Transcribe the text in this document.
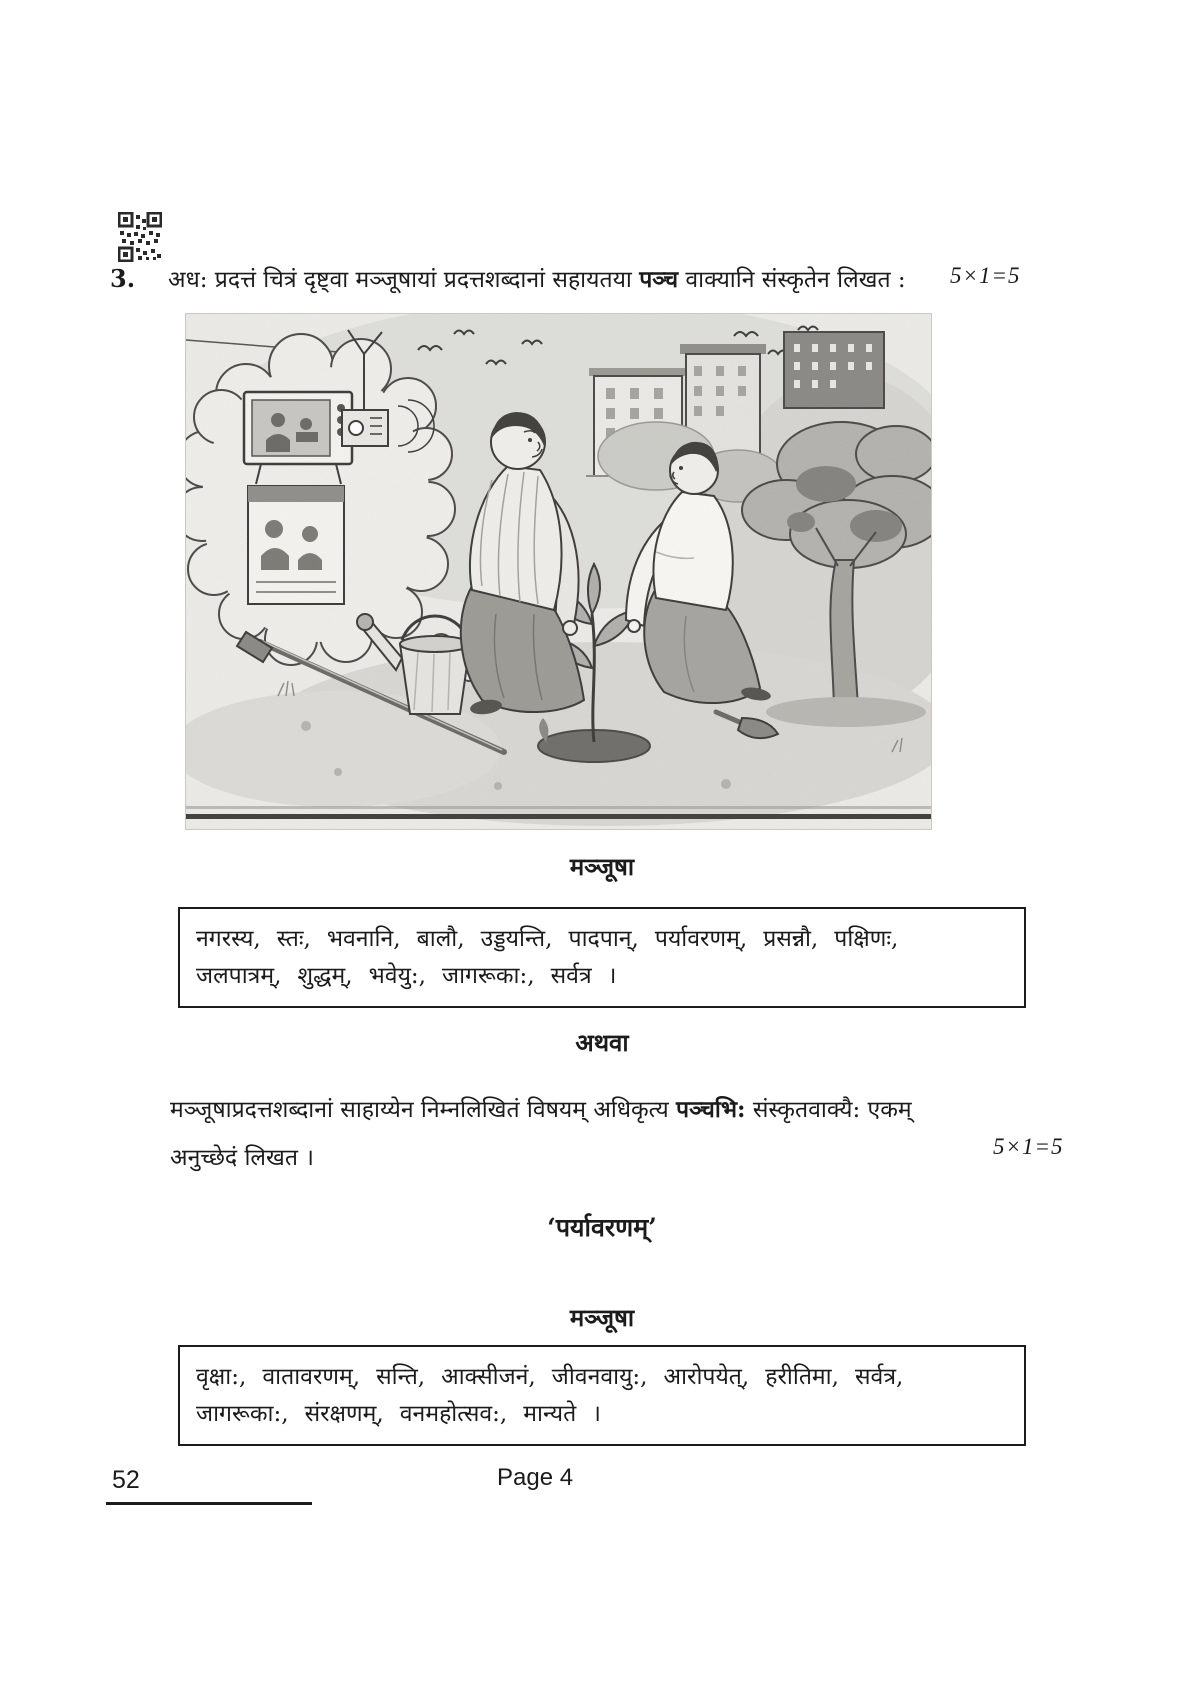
3. अध: प्रदत्तं चित्रं दृष्ट्वा मञ्जूषायां प्रदत्तशब्दानां सहायतया पञ्च वाक्यानि संस्कृतेन लिखत :	5×1=5
मञ्जूषा
नगरस्य, स्तः, भवनानि, बालौ, उड्डयन्ति, पादपान्, पर्यावरणम्, प्रसन्नौ, पक्षिणः,
जलपात्रम्, शुद्धम्, भवेयु:, जागरूका:, सर्वत्र ।
अथवा
मञ्जूषाप्रदत्तशब्दानां साहाय्येन निम्नलिखितं विषयम् अधिकृत्य पञ्चभि: संस्कृतवाक्यै: एकम्
अनुच्छेदं लिखत ।	5×1=5
‘पर्यावरणम्’
मञ्जूषा
वृक्षा:, वातावरणम्, सन्ति, आक्सीजनं, जीवनवायु:, आरोपयेत्, हरीतिमा, सर्वत्र,
जागरूका:, संरक्षणम्, वनमहोत्सव:, मान्यते ।
52	Page 4
